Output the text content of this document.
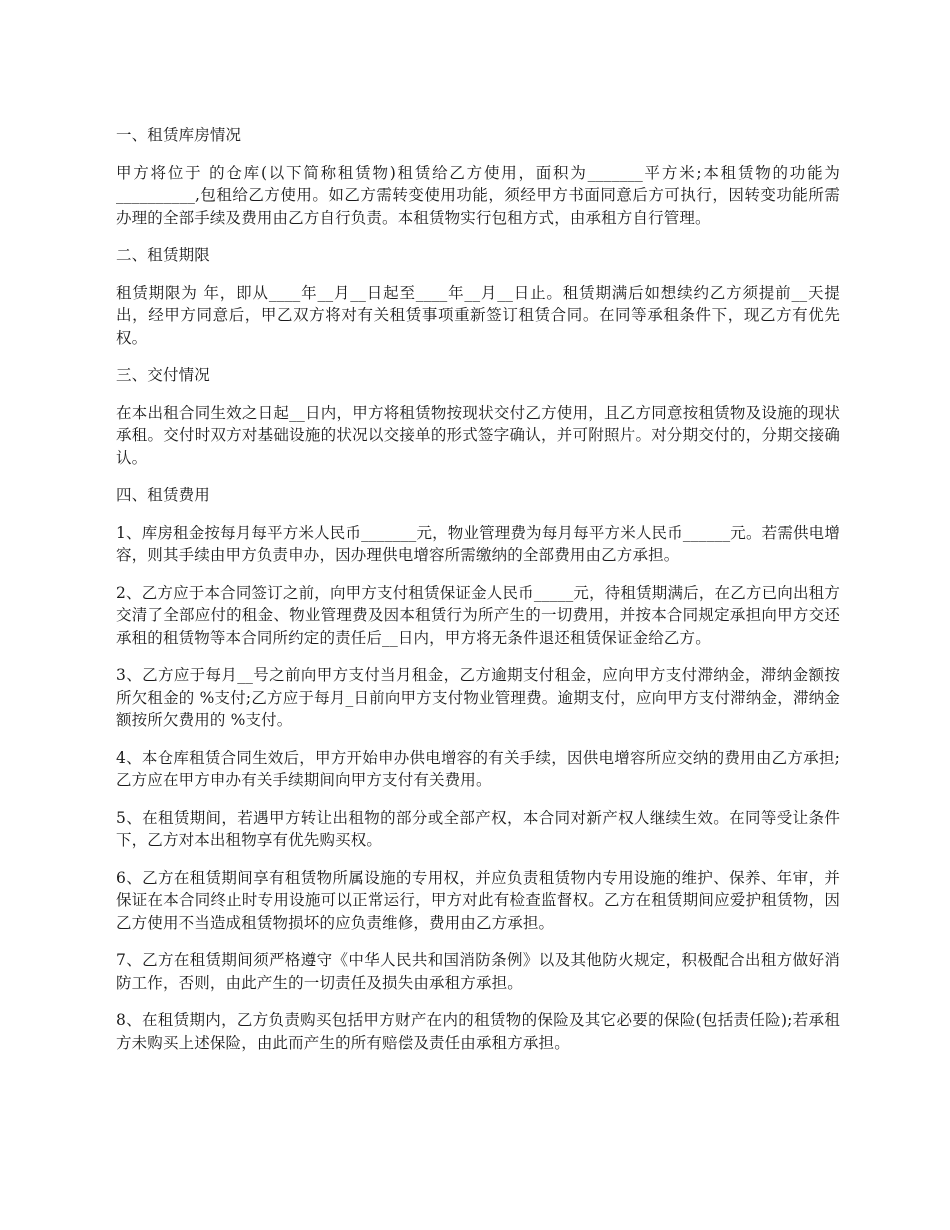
一、租赁库房情况

甲方将位于 的仓库(以下简称租赁物)租赁给乙方使用，面积为_______平方米;本租赁物的功能为__________,包租给乙方使用。如乙方需转变使用功能，须经甲方书面同意后方可执行，因转变功能所需办理的全部手续及费用由乙方自行负责。本租赁物实行包租方式，由承租方自行管理。

二、租赁期限

租赁期限为 年，即从____年__月__日起至____年__月__日止。租赁期满后如想续约乙方须提前__天提出，经甲方同意后，甲乙双方将对有关租赁事项重新签订租赁合同。在同等承租条件下，现乙方有优先权。

三、交付情况

在本出租合同生效之日起__日内，甲方将租赁物按现状交付乙方使用，且乙方同意按租赁物及设施的现状承租。交付时双方对基础设施的状况以交接单的形式签字确认，并可附照片。对分期交付的，分期交接确认。

四、租赁费用

1、库房租金按每月每平方米人民币_______元，物业管理费为每月每平方米人民币______元。若需供电增容，则其手续由甲方负责申办，因办理供电增容所需缴纳的全部费用由乙方承担。

2、乙方应于本合同签订之前，向甲方支付租赁保证金人民币_____元，待租赁期满后，在乙方已向出租方交清了全部应付的租金、物业管理费及因本租赁行为所产生的一切费用，并按本合同规定承担向甲方交还承租的租赁物等本合同所约定的责任后__日内，甲方将无条件退还租赁保证金给乙方。

3、乙方应于每月__号之前向甲方支付当月租金，乙方逾期支付租金，应向甲方支付滞纳金，滞纳金额按所欠租金的 %支付;乙方应于每月_日前向甲方支付物业管理费。逾期支付，应向甲方支付滞纳金，滞纳金额按所欠费用的 %支付。

4、本仓库租赁合同生效后，甲方开始申办供电增容的有关手续，因供电增容所应交纳的费用由乙方承担;乙方应在甲方申办有关手续期间向甲方支付有关费用。

5、在租赁期间，若遇甲方转让出租物的部分或全部产权，本合同对新产权人继续生效。在同等受让条件下，乙方对本出租物享有优先购买权。

6、乙方在租赁期间享有租赁物所属设施的专用权，并应负责租赁物内专用设施的维护、保养、年审，并保证在本合同终止时专用设施可以正常运行，甲方对此有检查监督权。乙方在租赁期间应爱护租赁物，因乙方使用不当造成租赁物损坏的应负责维修，费用由乙方承担。

7、乙方在租赁期间须严格遵守《中华人民共和国消防条例》以及其他防火规定，积极配合出租方做好消防工作，否则，由此产生的一切责任及损失由承租方承担。

8、在租赁期内，乙方负责购买包括甲方财产在内的租赁物的保险及其它必要的保险(包括责任险);若承租方未购买上述保险，由此而产生的所有赔偿及责任由承租方承担。
